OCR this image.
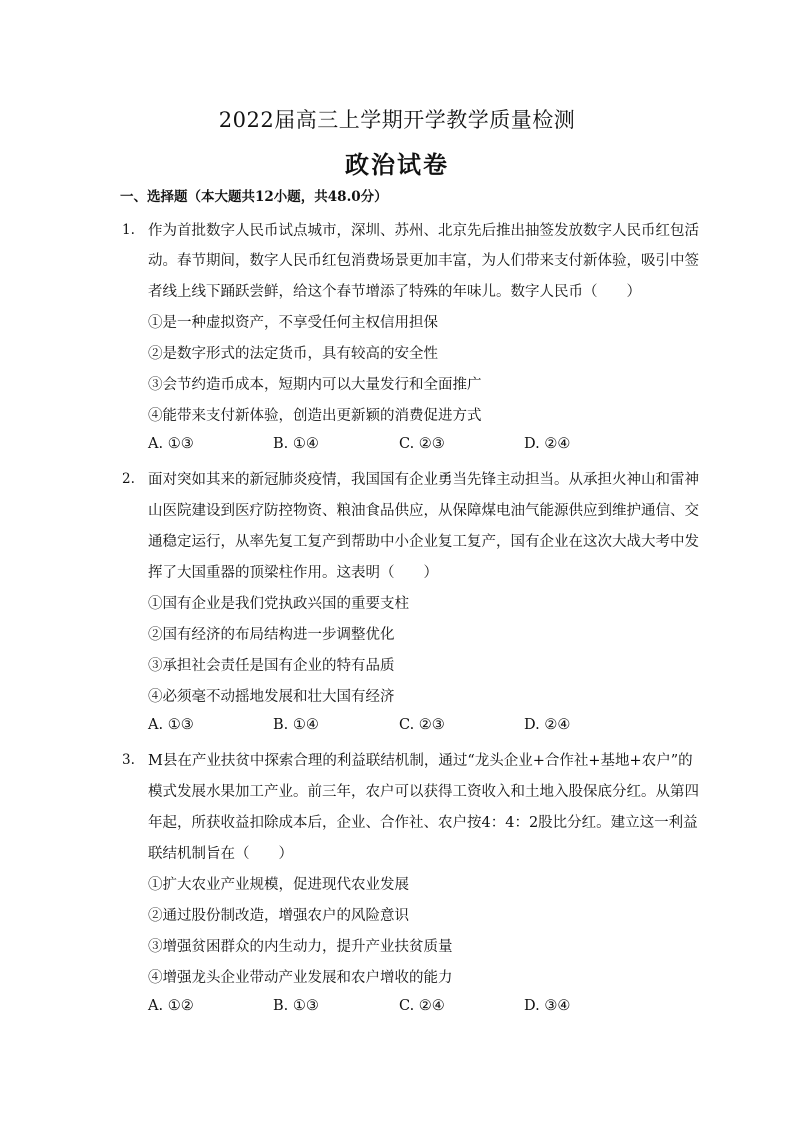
2022届高三上学期开学教学质量检测
政治试卷
一、选择题（本大题共12小题，共48.0分）
1. 作为首批数字人民币试点城市，深圳、苏州、北京先后推出抽签发放数字人民币红包活
动。春节期间，数字人民币红包消费场景更加丰富，为人们带来支付新体验，吸引中签
者线上线下踊跃尝鲜，给这个春节增添了特殊的年味儿。数字人民币（　　）
①是一种虚拟资产，不享受任何主权信用担保
②是数字形式的法定货币，具有较高的安全性
③会节约造币成本，短期内可以大量发行和全面推广
④能带来支付新体验，创造出更新颖的消费促进方式
A. ①③	B. ①④	C. ②③	D. ②④
2. 面对突如其来的新冠肺炎疫情，我国国有企业勇当先锋主动担当。从承担火神山和雷神
山医院建设到医疗防控物资、粮油食品供应，从保障煤电油气能源供应到维护通信、交
通稳定运行，从率先复工复产到帮助中小企业复工复产，国有企业在这次大战大考中发
挥了大国重器的顶梁柱作用。这表明（　　）
①国有企业是我们党执政兴国的重要支柱
②国有经济的布局结构进一步调整优化
③承担社会责任是国有企业的特有品质
④必须毫不动摇地发展和壮大国有经济
A. ①③	B. ①④	C. ②③	D. ②④
3. M县在产业扶贫中探索合理的利益联结机制，通过“龙头企业+合作社+基地+农户”的
模式发展水果加工产业。前三年，农户可以获得工资收入和土地入股保底分红。从第四
年起，所获收益扣除成本后，企业、合作社、农户按4：4：2股比分红。建立这一利益
联结机制旨在（　　）
①扩大农业产业规模，促进现代农业发展
②通过股份制改造，增强农户的风险意识
③增强贫困群众的内生动力，提升产业扶贫质量
④增强龙头企业带动产业发展和农户增收的能力
A. ①②	B. ①③	C. ②④	D. ③④
